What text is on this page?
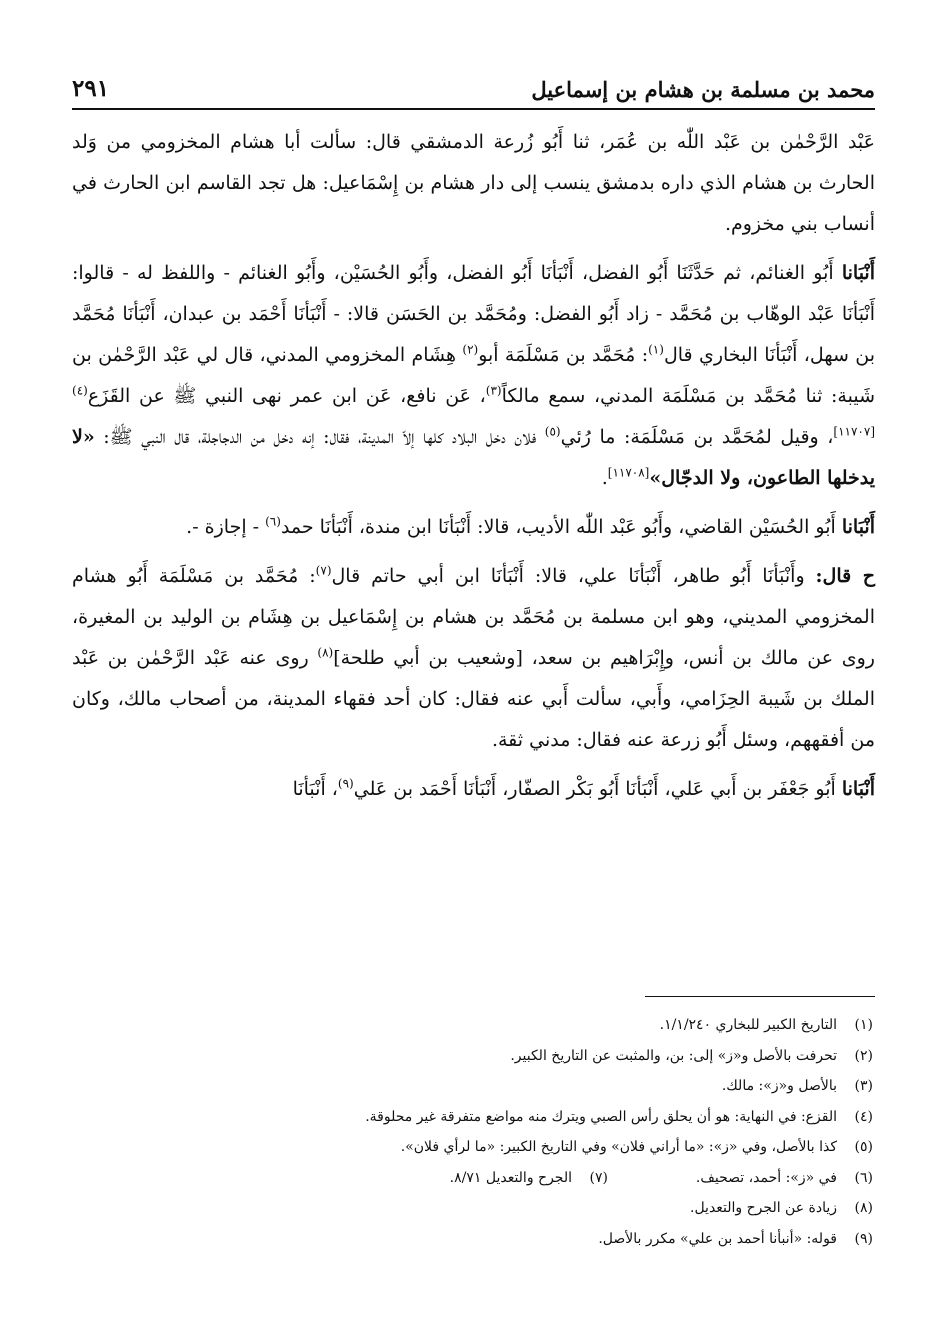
محمد بن مسلمة بن هشام بن إسماعيل
٢٩١

عَبْد الرَّحْمٰن بن عَبْد اللّٰه بن عُمَر، ثنا أَبُو زُرعة الدمشقي قال: سألت أبا هشام المخزومي من وَلد الحارث بن هشام الذي داره بدمشق ينسب إلى دار هشام بن إِسْمَاعيل: هل تجد القاسم ابن الحارث في أنساب بني مخزوم.

أَنْبَانا أَبُو الغنائم، ثم حَدَّثَنَا أَبُو الفضل، أَنْبَأنَا أَبُو الفضل، وأَبُو الحُسَيْن، وأَبُو الغنائم - واللفظ له - قالوا: أَنْبَأنَا عَبْد الوهّاب بن مُحَمَّد - زاد أَبُو الفضل: ومُحَمَّد بن الحَسَن قالا: - أَنْبَأنَا أَحْمَد بن عبدان، أَنْبَأنَا مُحَمَّد بن سهل، أَنْبَأنَا البخاري قال$^{(١)}$: مُحَمَّد بن مَسْلَمَة أبو$^{(٢)}$ هِشَام المخزومي المدني، قال لي عَبْد الرَّحْمٰن بن شَيبة: ثنا مُحَمَّد بن مَسْلَمَة المدني، سمع مالكاً$^{(٣)}$، عَن نافع، عَن ابن عمر نهى النبي ﷺ عن القَزَع$^{(٤)[١١٧٠٧]}$، وقيل لمُحَمَّد بن مَسْلَمَة: ما رُئي$^{(٥)}$ فلان دخل البلاد كلها إلاّ المدينة، فقال: إنه دخل من الدجاجلة، قال النبي ﷺ: «لا يدخلها الطاعون، ولا الدجّال»[١١٧٠٨].

أَنْبَانا أَبُو الحُسَيْن القاضي، وأَبُو عَبْد اللّٰه الأديب، قالا: أَنْبَأنَا ابن مندة، أَنْبَأنَا حمد$^{(٦)}$ - إجازة -.

ح قال: وأَنْبَأنَا أَبُو طاهر، أَنْبَأنَا علي، قالا: أَنْبَأنَا ابن أبي حاتم قال$^{(٧)}$: مُحَمَّد بن مَسْلَمَة أَبُو هشام المخزومي المديني، وهو ابن مسلمة بن مُحَمَّد بن هشام بن إِسْمَاعيل بن هِشَام بن الوليد بن المغيرة، روى عن مالك بن أنس، وإِبْرَاهيم بن سعد، [وشعيب بن أبي طلحة]$^{(٨)}$ روى عنه عَبْد الرَّحْمٰن بن عَبْد الملك بن شَيبة الحِزَامي، وأَبي، سألت أَبي عنه فقال: كان أحد فقهاء المدينة، من أصحاب مالك، وكان من أفقههم، وسئل أَبُو زرعة عنه فقال: مدني ثقة.

أَنْبَانا أَبُو جَعْفَر بن أَبي عَلي، أَنْبَأنَا أَبُو بَكْر الصفّار، أَنْبَأنَا أَحْمَد بن عَلي$^{(٩)}$، أَنْبَأنَا

(١)
التاريخ الكبير للبخاري ١/١/٢٤٠.
(٢)
تحرفت بالأصل و«ز» إلى: بن، والمثبت عن التاريخ الكبير.
(٣)
بالأصل و«ز»: مالك.
(٤)
القزع: في النهاية: هو أن يحلق رأس الصبي ويترك منه مواضع متفرقة غير محلوقة.
(٥)
كذا بالأصل، وفي «ز»: «ما أراني فلان» وفي التاريخ الكبير: «ما لرأي فلان».
(٦)
في «ز»: أحمد، تصحيف.
(٧)
الجرح والتعديل ٨/٧١.
(٨)
زيادة عن الجرح والتعديل.
(٩)
قوله: «أنبأنا أحمد بن علي» مكرر بالأصل.
